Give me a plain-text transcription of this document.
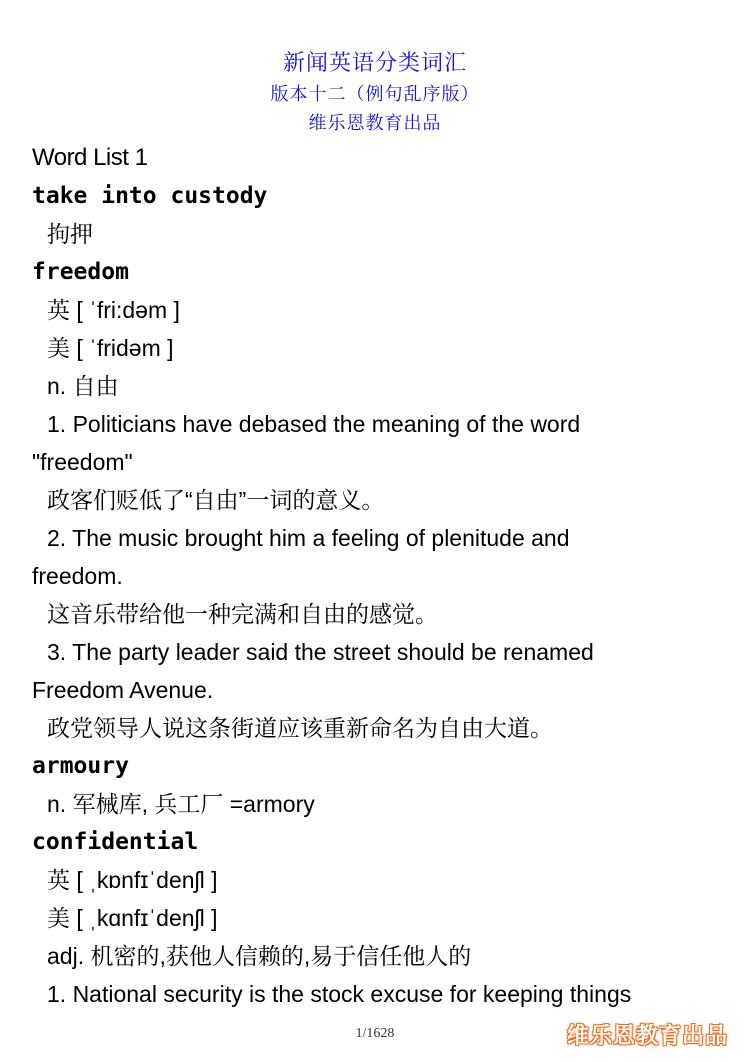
新闻英语分类词汇
版本十二（例句乱序版）
维乐恩教育出品
Word List 1
take into custody
拘押
freedom
英 [ ˈfri:dəm ]
美 [ ˈfridəm ]
n. 自由
1. Politicians have debased the meaning of the word
"freedom"
政客们贬低了“自由”一词的意义。
2. The music brought him a feeling of plenitude and
freedom.
这音乐带给他一种完满和自由的感觉。
3. The party leader said the street should be renamed
Freedom Avenue.
政党领导人说这条街道应该重新命名为自由大道。
armoury
n. 军械库, 兵工厂 =armory
confidential
英 [ ˌkɒnfɪˈdenʃl ]
美 [ ˌkɑnfɪˈdenʃl ]
adj. 机密的,获他人信赖的,易于信任他人的
1. National security is the stock excuse for keeping things
1/1628	维乐恩教育出品
